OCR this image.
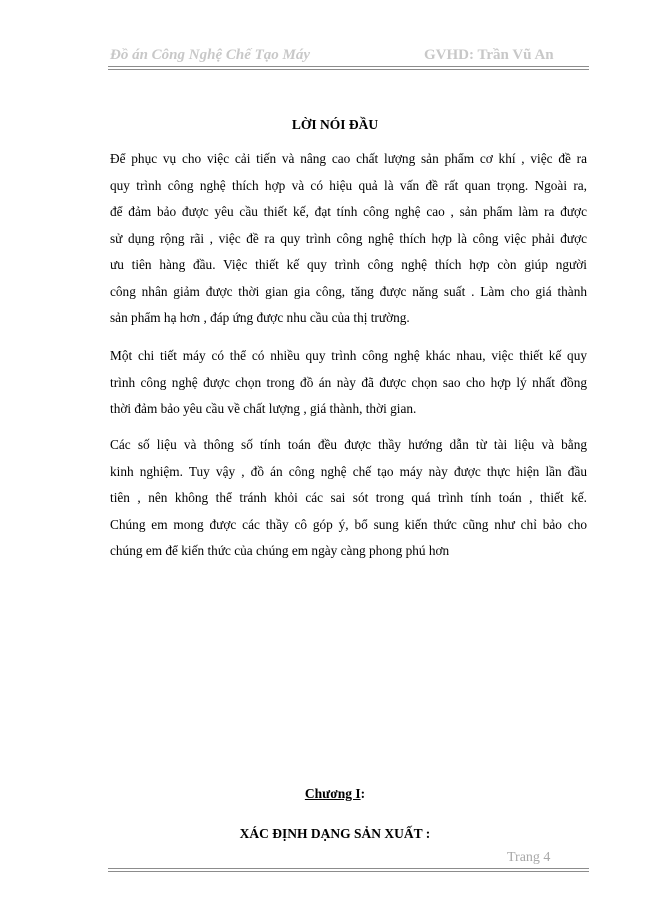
Đồ án Công Nghệ Chế Tạo Máy	GVHD: Trần Vũ An
LỜI NÓI ĐẦU
Để phục vụ cho việc cải tiến và nâng cao chất lượng sản phẩm cơ khí , việc đề ra
quy trình công nghệ thích hợp và có hiệu quả là vấn đề rất quan trọng. Ngoài ra,
để đảm bảo được yêu cầu thiết kế, đạt tính công nghệ cao , sản phẩm làm ra được
sử dụng rộng rãi , việc đề ra quy trình công nghệ thích hợp là công việc phải được
ưu tiên hàng đầu. Việc thiết kế quy trình công nghệ thích hợp còn giúp người
công nhân giảm được thời gian gia công, tăng được năng suất . Làm cho giá thành
sản phẩm hạ hơn , đáp ứng được nhu cầu của thị trường.
Một chi tiết máy có thể có nhiều quy trình công nghệ khác nhau, việc thiết kế quy
trình công nghệ được chọn trong đồ án này đã được chọn sao cho hợp lý nhất đồng
thời đảm bảo yêu cầu về chất lượng , giá thành, thời gian.
Các số liệu và thông số tính toán đều được thầy hướng dẫn từ tài liệu và bằng
kinh nghiệm. Tuy vậy , đồ án công nghệ chế tạo máy này được thực hiện lần đầu
tiên , nên không thể tránh khỏi các sai sót trong quá trình tính toán , thiết kế.
Chúng em mong được các thầy cô góp ý, bổ sung kiến thức cũng như chỉ bảo cho
chúng em để kiến thức của chúng em ngày càng phong phú hơn
Chương I:
XÁC ĐỊNH DẠNG SẢN XUẤT :
Trang 4
